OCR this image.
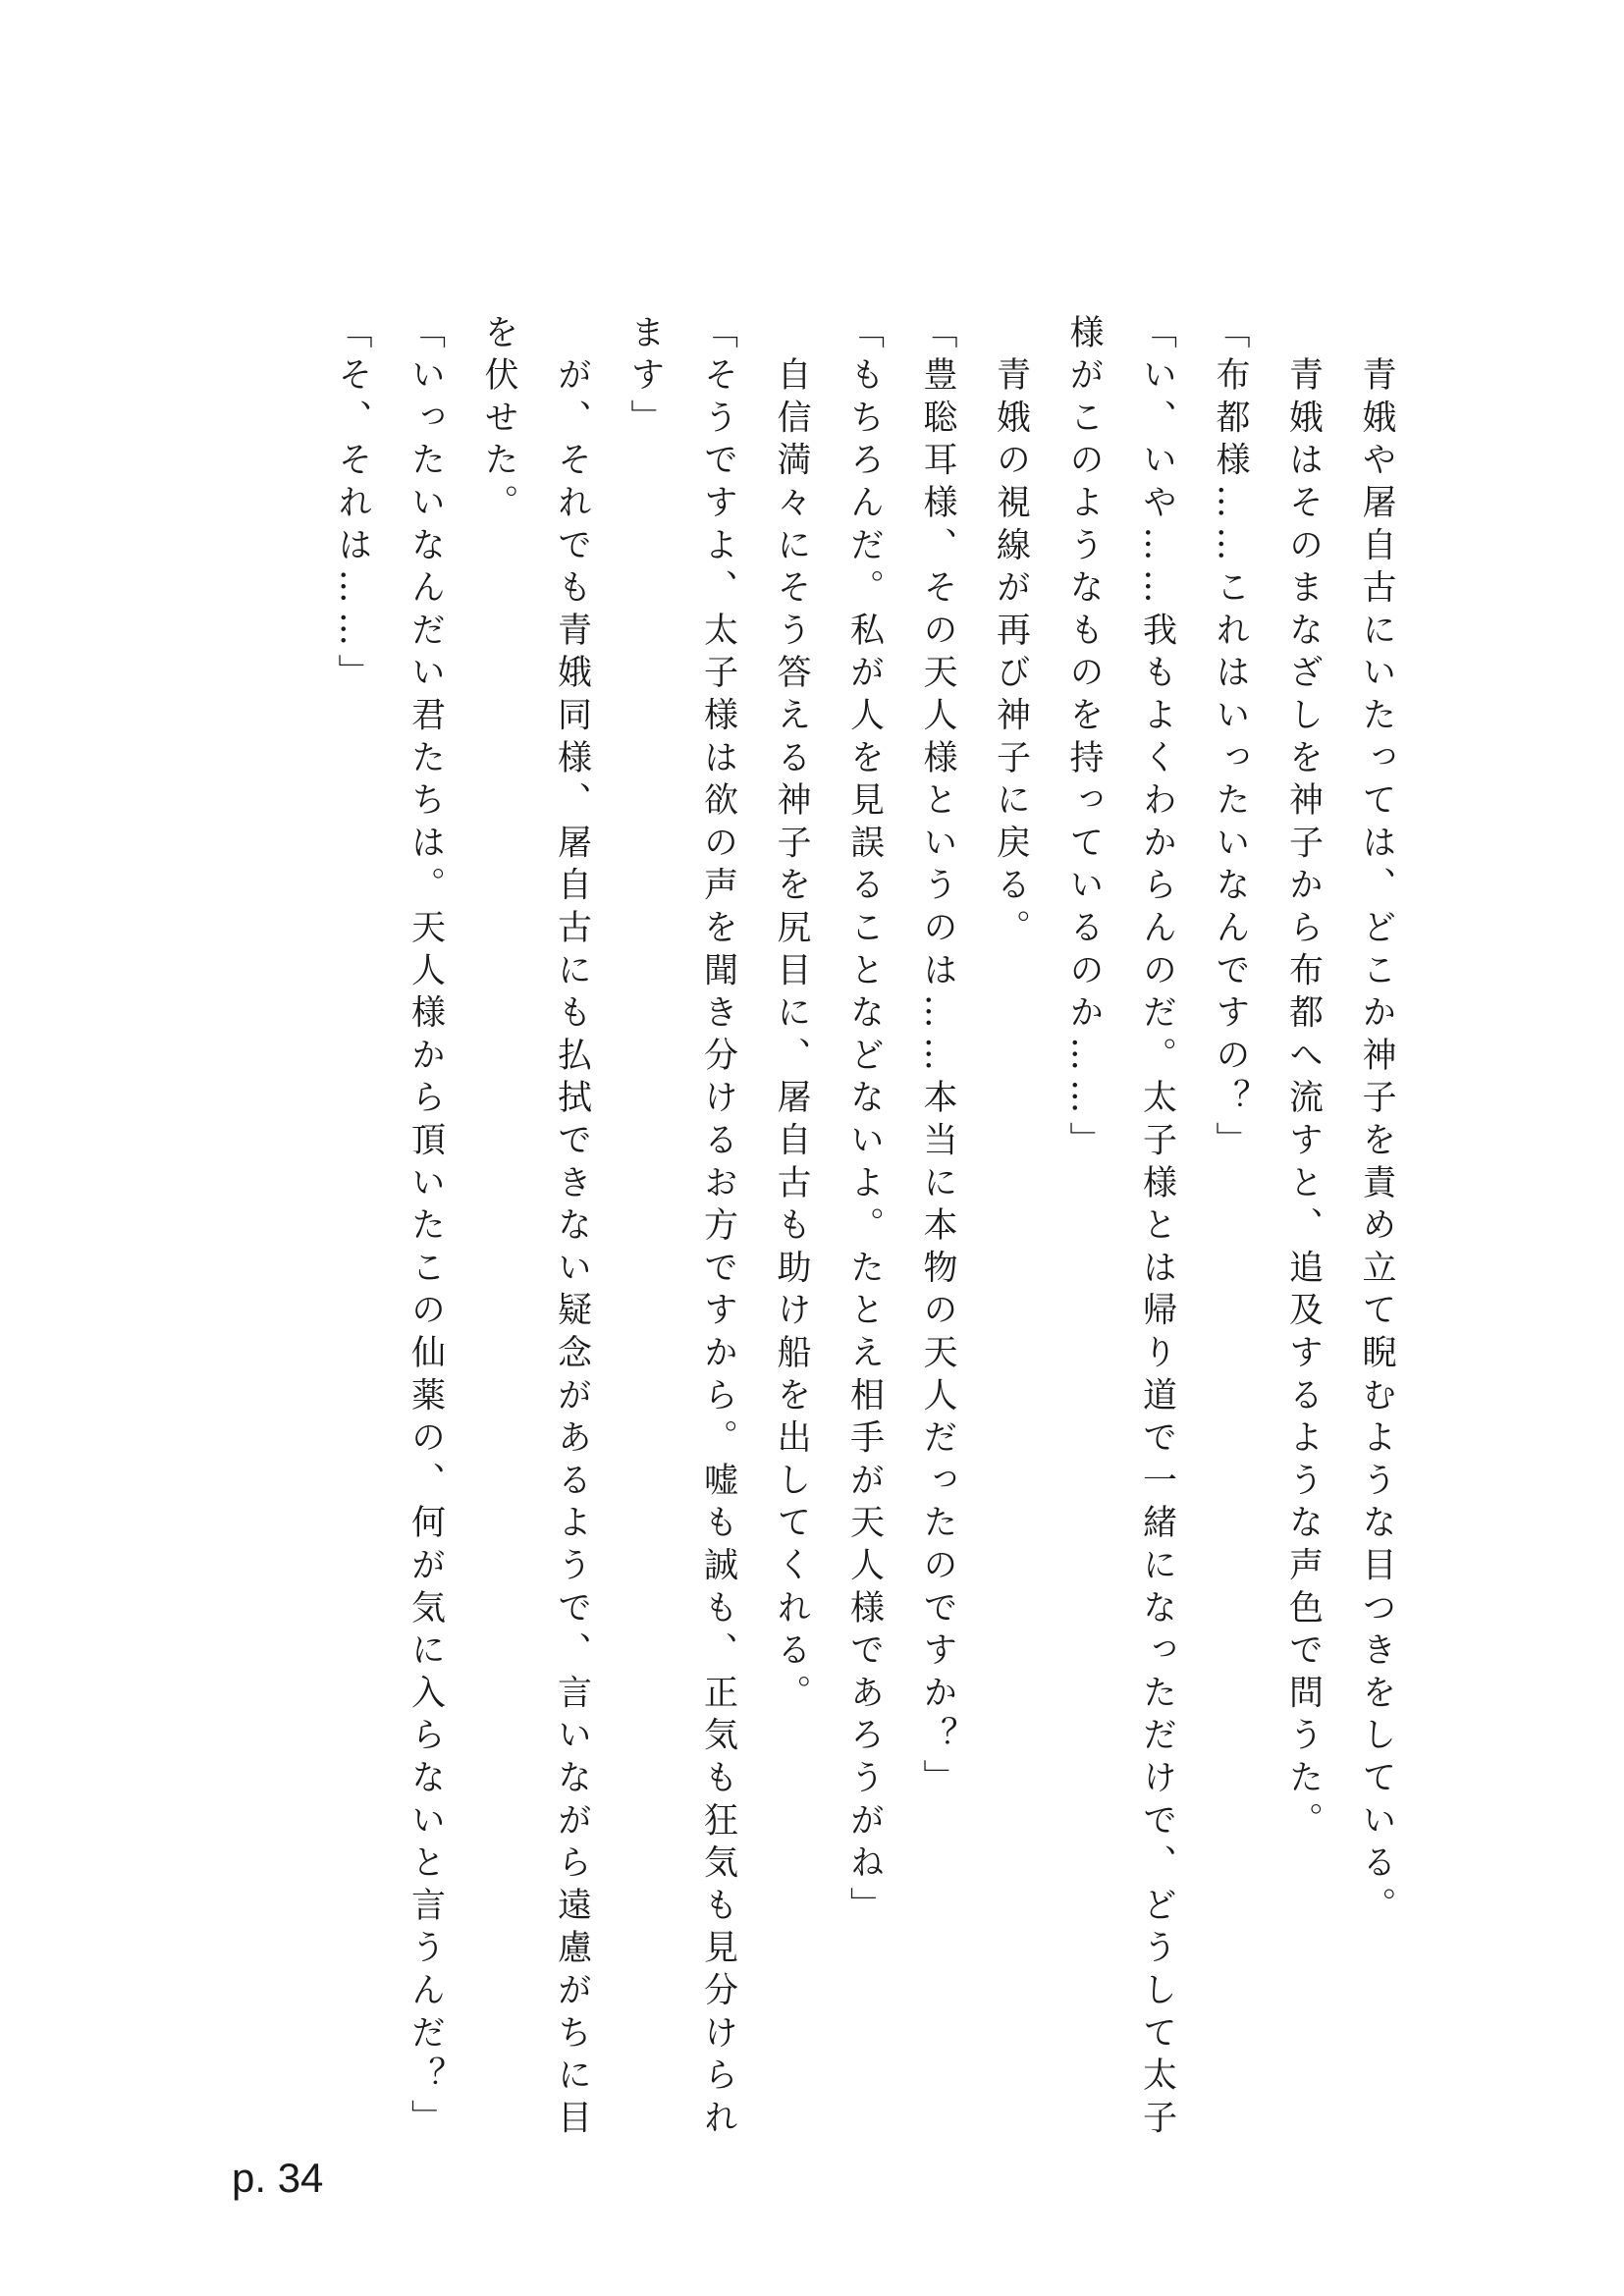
　青娥や屠自古にいたっては、どこか神子を責め立て睨むような目つきをしている。

　青娥はそのまなざしを神子から布都へ流すと、追及するような声色で問うた。

「布都様……これはいったいなんですの？」

「い、いや……我もよくわからんのだ。太子様とは帰り道で一緒になっただけで、どうして太子様がこのようなものを持っているのか……」

　青娥の視線が再び神子に戻る。

「豊聡耳様、その天人様というのは……本当に本物の天人だったのですか？」

「もちろんだ。私が人を見誤ることなどないよ。たとえ相手が天人様であろうがね」

　自信満々にそう答える神子を尻目に、屠自古も助け船を出してくれる。

「そうですよ、太子様は欲の声を聞き分けるお方ですから。嘘も誠も、正気も狂気も見分けられます」

　が、それでも青娥同様、屠自古にも払拭できない疑念があるようで、言いながら遠慮がちに目を伏せた。

「いったいなんだい君たちは。天人様から頂いたこの仙薬の、何が気に入らないと言うんだ？」

「そ、それは……」

p. 34
